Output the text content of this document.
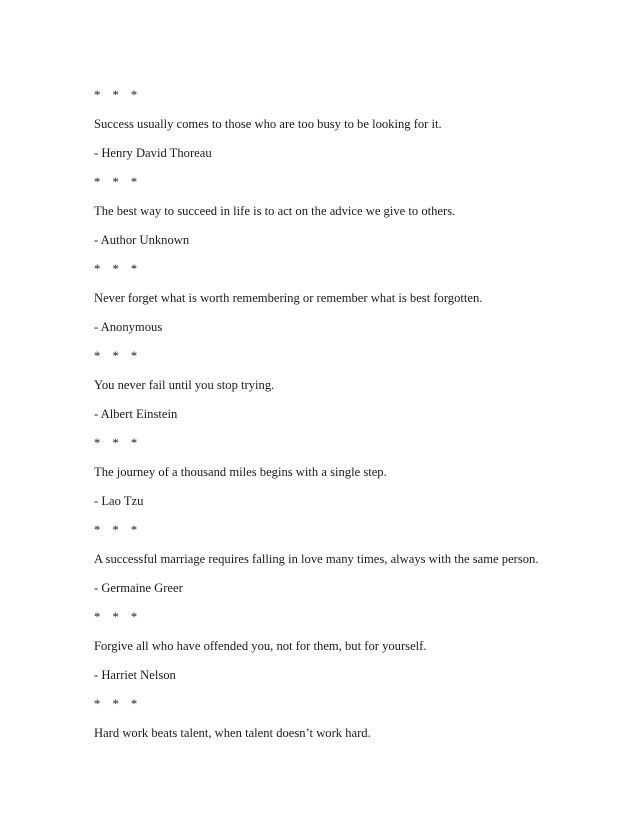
* * *
Success usually comes to those who are too busy to be looking for it.
- Henry David Thoreau
* * *
The best way to succeed in life is to act on the advice we give to others.
- Author Unknown
* * *
Never forget what is worth remembering or remember what is best forgotten.
- Anonymous
* * *
You never fail until you stop trying.
- Albert Einstein
* * *
The journey of a thousand miles begins with a single step.
- Lao Tzu
* * *
A successful marriage requires falling in love many times, always with the same person.
- Germaine Greer
* * *
Forgive all who have offended you, not for them, but for yourself.
- Harriet Nelson
* * *
Hard work beats talent, when talent doesn’t work hard.
